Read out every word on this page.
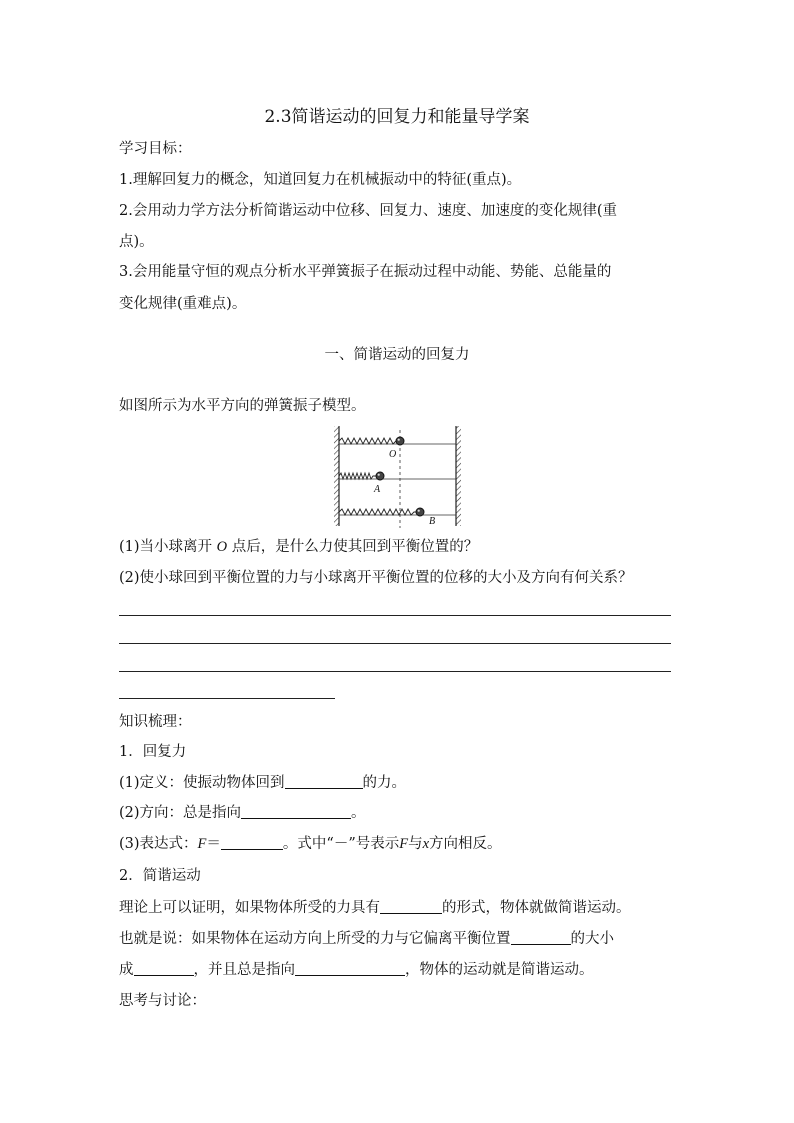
2.3简谐运动的回复力和能量导学案
学习目标：
1.理解回复力的概念，知道回复力在机械振动中的特征(重点)。
2.会用动力学方法分析简谐运动中位移、回复力、速度、加速度的变化规律(重
点)。
3.会用能量守恒的观点分析水平弹簧振子在振动过程中动能、势能、总能量的
变化规律(重难点)。
一、简谐运动的回复力
如图所示为水平方向的弹簧振子模型。
O
A
B
(1)当小球离开 O 点后，是什么力使其回到平衡位置的？
(2)使小球回到平衡位置的力与小球离开平衡位置的位移的大小及方向有何关系？
知识梳理：
1．回复力
(1)定义：使振动物体回到	的力。
(2)方向：总是指向	。
(3)表达式：F＝	。式中“－”号表示F与x方向相反。
2．简谐运动
理论上可以证明，如果物体所受的力具有	的形式，物体就做简谐运动。
也就是说：如果物体在运动方向上所受的力与它偏离平衡位置	的大小
成	，并且总是指向	，物体的运动就是简谐运动。
思考与讨论：
